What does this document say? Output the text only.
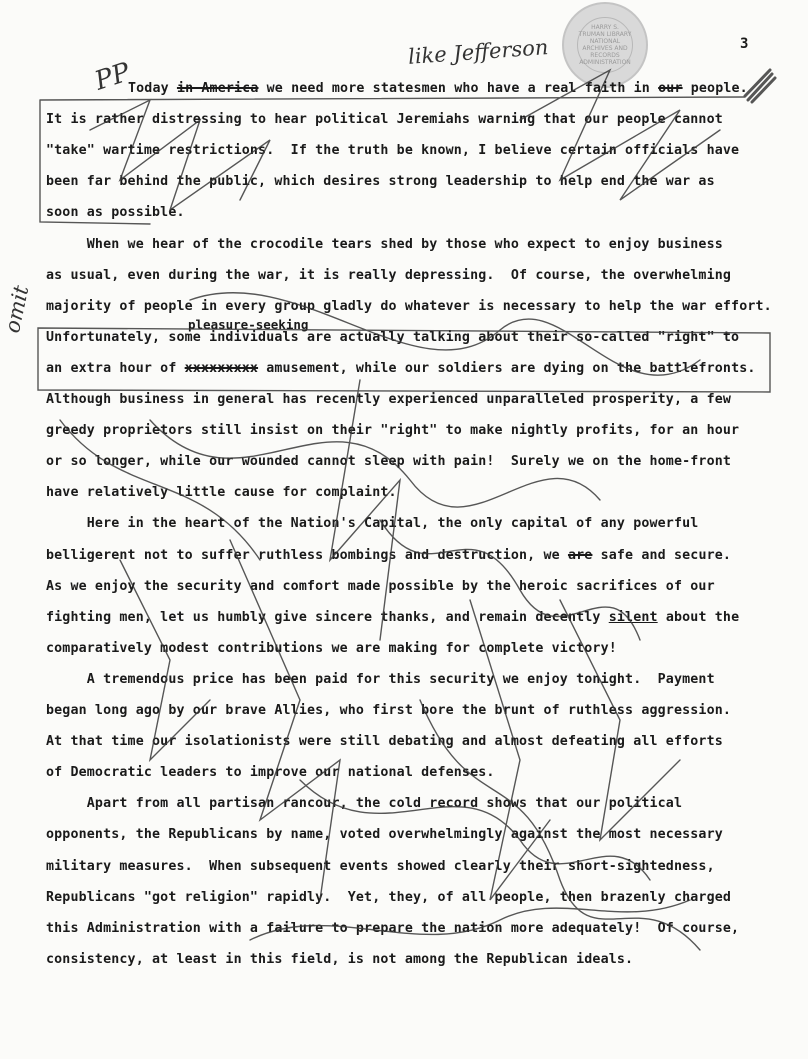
HARRY S. TRUMAN LIBRARY NATIONAL ARCHIVES AND RECORDS ADMINISTRATION
3
like Jefferson
PP
omit	pleasure-seeking
Today in America we need more statesmen who have a real faith in our people.
It is rather distressing to hear political Jeremiahs warning that our people cannot
"take" wartime restrictions.  If the truth be known, I believe certain officials have
been far behind the public, which desires strong leadership to help end the war as
soon as possible.
When we hear of the crocodile tears shed by those who expect to enjoy business
as usual, even during the war, it is really depressing.  Of course, the overwhelming
majority of people in every group gladly do whatever is necessary to help the war effort.
Unfortunately, some individuals are actually talking about their so-called "right" to
an extra hour of xxxxxxxxx amusement, while our soldiers are dying on the battlefronts.
Although business in general has recently experienced unparalleled prosperity, a few
greedy proprietors still insist on their "right" to make nightly profits, for an hour
or so longer, while our wounded cannot sleep with pain!  Surely we on the home-front
have relatively little cause for complaint.
Here in the heart of the Nation's Capital, the only capital of any powerful
belligerent not to suffer ruthless bombings and destruction, we are safe and secure.
As we enjoy the security and comfort made possible by the heroic sacrifices of our
fighting men, let us humbly give sincere thanks, and remain decently silent about the
comparatively modest contributions we are making for complete victory!
A tremendous price has been paid for this security we enjoy tonight.  Payment
began long ago by our brave Allies, who first bore the brunt of ruthless aggression.
At that time our isolationists were still debating and almost defeating all efforts
of Democratic leaders to improve our national defenses.
Apart from all partisan rancour, the cold record shows that our political
opponents, the Republicans by name, voted overwhelmingly against the most necessary
military measures.  When subsequent events showed clearly their short-sightedness,
Republicans "got religion" rapidly.  Yet, they, of all people, then brazenly charged
this Administration with a failure to prepare the nation more adequately!  Of course,
consistency, at least in this field, is not among the Republican ideals.
